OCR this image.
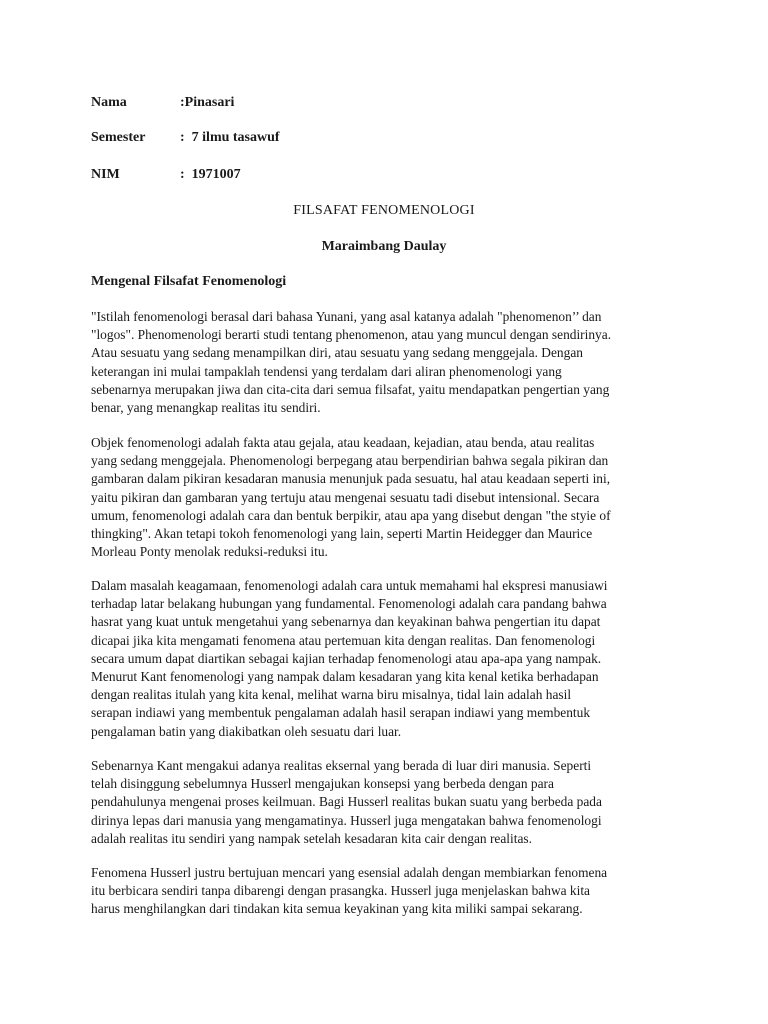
Nama	:Pinasari
Semester :  7 ilmu tasawuf
NIM	:  1971007
FILSAFAT FENOMENOLOGI
Maraimbang Daulay
Mengenal Filsafat Fenomenologi
"Istilah fenomenologi berasal dari bahasa Yunani, yang asal katanya adalah "phenomenon’’ dan
"logos". Phenomenologi berarti studi tentang phenomenon, atau yang muncul dengan sendirinya.
Atau sesuatu yang sedang menampilkan diri, atau sesuatu yang sedang menggejala. Dengan
keterangan ini mulai tampaklah tendensi yang terdalam dari aliran phenomenologi yang
sebenarnya merupakan jiwa dan cita-cita dari semua filsafat, yaitu mendapatkan pengertian yang
benar, yang menangkap realitas itu sendiri.
Objek fenomenologi adalah fakta atau gejala, atau keadaan, kejadian, atau benda, atau realitas
yang sedang menggejala. Phenomenologi berpegang atau berpendirian bahwa segala pikiran dan
gambaran dalam pikiran kesadaran manusia menunjuk pada sesuatu, hal atau keadaan seperti ini,
yaitu pikiran dan gambaran yang tertuju atau mengenai sesuatu tadi disebut intensional. Secara
umum, fenomenologi adalah cara dan bentuk berpikir, atau apa yang disebut dengan "the styie of
thingking". Akan tetapi tokoh fenomenologi yang lain, seperti Martin Heidegger dan Maurice
Morleau Ponty menolak reduksi-reduksi itu.
Dalam masalah keagamaan, fenomenologi adalah cara untuk memahami hal ekspresi manusiawi
terhadap latar belakang hubungan yang fundamental. Fenomenologi adalah cara pandang bahwa
hasrat yang kuat untuk mengetahui yang sebenarnya dan keyakinan bahwa pengertian itu dapat
dicapai jika kita mengamati fenomena atau pertemuan kita dengan realitas. Dan fenomenologi
secara umum dapat diartikan sebagai kajian terhadap fenomenologi atau apa-apa yang nampak.
Menurut Kant fenomenologi yang nampak dalam kesadaran yang kita kenal ketika berhadapan
dengan realitas itulah yang kita kenal, melihat warna biru misalnya, tidal lain adalah hasil
serapan indiawi yang membentuk pengalaman adalah hasil serapan indiawi yang membentuk
pengalaman batin yang diakibatkan oleh sesuatu dari luar.
Sebenarnya Kant mengakui adanya realitas eksernal yang berada di luar diri manusia. Seperti
telah disinggung sebelumnya Husserl mengajukan konsepsi yang berbeda dengan para
pendahulunya mengenai proses keilmuan. Bagi Husserl realitas bukan suatu yang berbeda pada
dirinya lepas dari manusia yang mengamatinya. Husserl juga mengatakan bahwa fenomenologi
adalah realitas itu sendiri yang nampak setelah kesadaran kita cair dengan realitas.
Fenomena Husserl justru bertujuan mencari yang esensial adalah dengan membiarkan fenomena
itu berbicara sendiri tanpa dibarengi dengan prasangka. Husserl juga menjelaskan bahwa kita
harus menghilangkan dari tindakan kita semua keyakinan yang kita miliki sampai sekarang.
